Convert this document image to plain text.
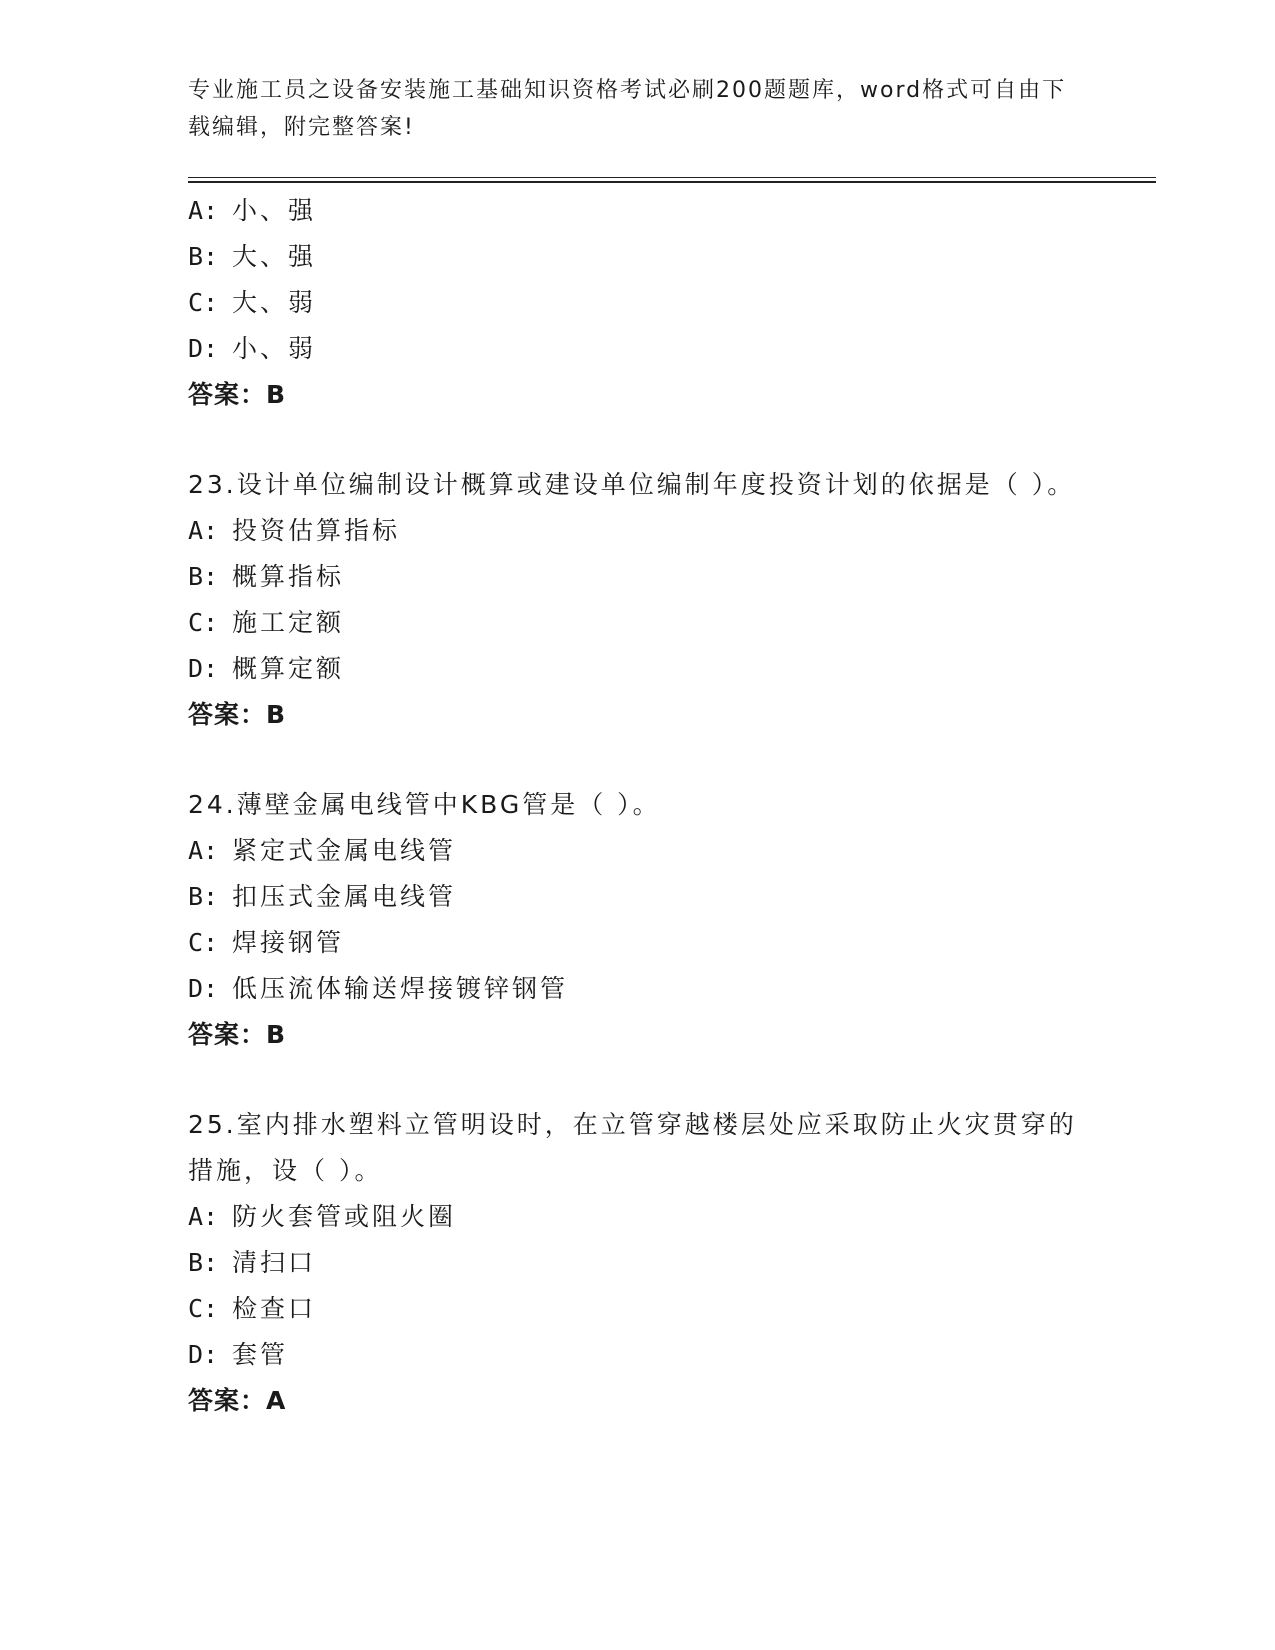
专业施工员之设备安装施工基础知识资格考试必刷200题题库，word格式可自由下载编辑，附完整答案!
A: 小、强
B: 大、强
C: 大、弱
D: 小、弱
答案：B
23.设计单位编制设计概算或建设单位编制年度投资计划的依据是（ ）。
A: 投资估算指标
B: 概算指标
C: 施工定额
D: 概算定额
答案：B
24.薄壁金属电线管中KBG管是（ ）。
A: 紧定式金属电线管
B: 扣压式金属电线管
C: 焊接钢管
D: 低压流体输送焊接镀锌钢管
答案：B
25.室内排水塑料立管明设时，在立管穿越楼层处应采取防止火灾贯穿的措施，设（ ）。
A: 防火套管或阻火圈
B: 清扫口
C: 检查口
D: 套管
答案：A
